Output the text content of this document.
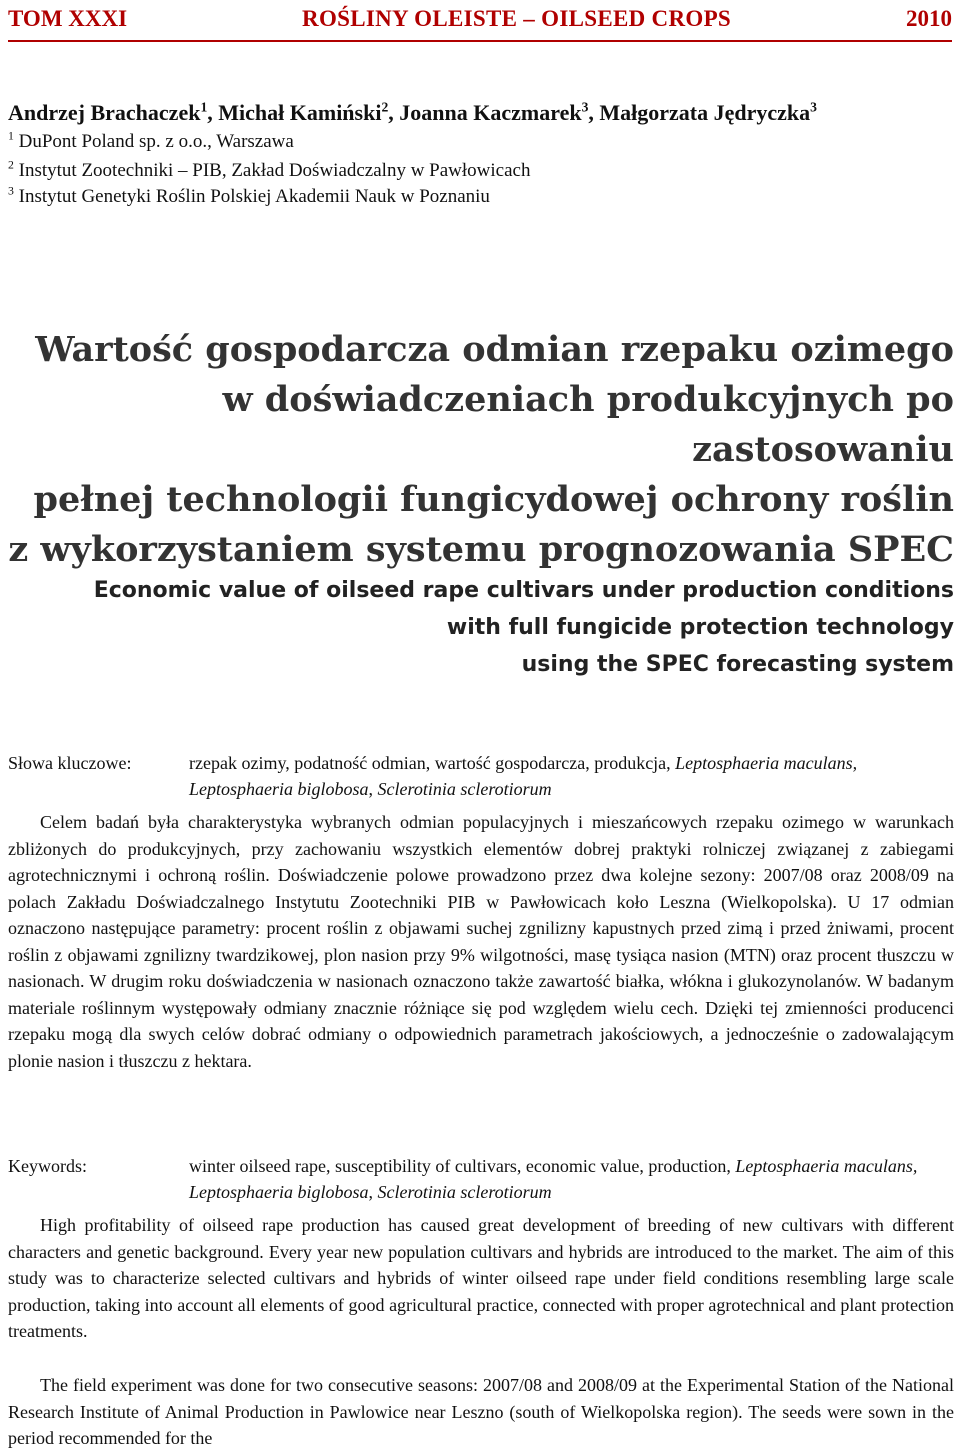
TOM XXXI	ROŚLINY OLEISTE – OILSEED CROPS	2010
Andrzej Brachaczek$^1$, Michał Kamiński$^2$, Joanna Kaczmarek$^3$, Małgorzata Jędryczka$^3$
$^1$ DuPont Poland sp. z o.o., Warszawa
$^2$ Instytut Zootechniki – PIB, Zakład Doświadczalny w Pawłowicach
$^3$ Instytut Genetyki Roślin Polskiej Akademii Nauk w Poznaniu
Wartość gospodarcza odmian rzepaku ozimego
w doświadczeniach produkcyjnych po zastosowaniu
pełnej technologii fungicydowej ochrony roślin
z wykorzystaniem systemu prognozowania SPEC
Economic value of oilseed rape cultivars under production conditions
with full fungicide protection technology
using the SPEC forecasting system
Słowa kluczowe:	rzepak ozimy, podatność odmian, wartość gospodarcza, produkcja, Leptosphaeria maculans, Leptosphaeria biglobosa, Sclerotinia sclerotiorum

Celem badań była charakterystyka wybranych odmian populacyjnych i mieszańcowych rzepaku ozimego w warunkach zbliżonych do produkcyjnych, przy zachowaniu wszystkich elementów dobrej praktyki rolniczej związanej z zabiegami agrotechnicznymi i ochroną roślin. Doświadczenie polowe prowadzono przez dwa kolejne sezony: 2007/08 oraz 2008/09 na polach Zakładu Doświadczalnego Instytutu Zootechniki PIB w Pawłowicach koło Leszna (Wielkopolska). U 17 odmian oznaczono następujące parametry: procent roślin z objawami suchej zgnilizny kapustnych przed zimą i przed żniwami, procent roślin z objawami zgnilizny twardzikowej, plon nasion przy 9% wilgotności, masę tysiąca nasion (MTN) oraz procent tłuszczu w nasionach. W drugim roku doświadczenia w nasionach oznaczono także zawartość białka, włókna i glukozynolanów. W badanym materiale roślinnym występowały odmiany znacznie różniące się pod względem wielu cech. Dzięki tej zmienności producenci rzepaku mogą dla swych celów dobrać odmiany o odpowiednich parametrach jakościowych, a jednocześnie o zadowalającym plonie nasion i tłuszczu z hektara.

Keywords:	winter oilseed rape, susceptibility of cultivars, economic value, production, Leptosphaeria maculans, Leptosphaeria biglobosa, Sclerotinia sclerotiorum

High profitability of oilseed rape production has caused great development of breeding of new cultivars with different characters and genetic background. Every year new population cultivars and hybrids are introduced to the market. The aim of this study was to characterize selected cultivars and hybrids of winter oilseed rape under field conditions resembling large scale production, taking into account all elements of good agricultural practice, connected with proper agrotechnical and plant protection treatments.

The field experiment was done for two consecutive seasons: 2007/08 and 2008/09 at the Experimental Station of the National Research Institute of Animal Production in Pawlowice near Leszno (south of Wielkopolska region). The seeds were sown in the period recommended for the
